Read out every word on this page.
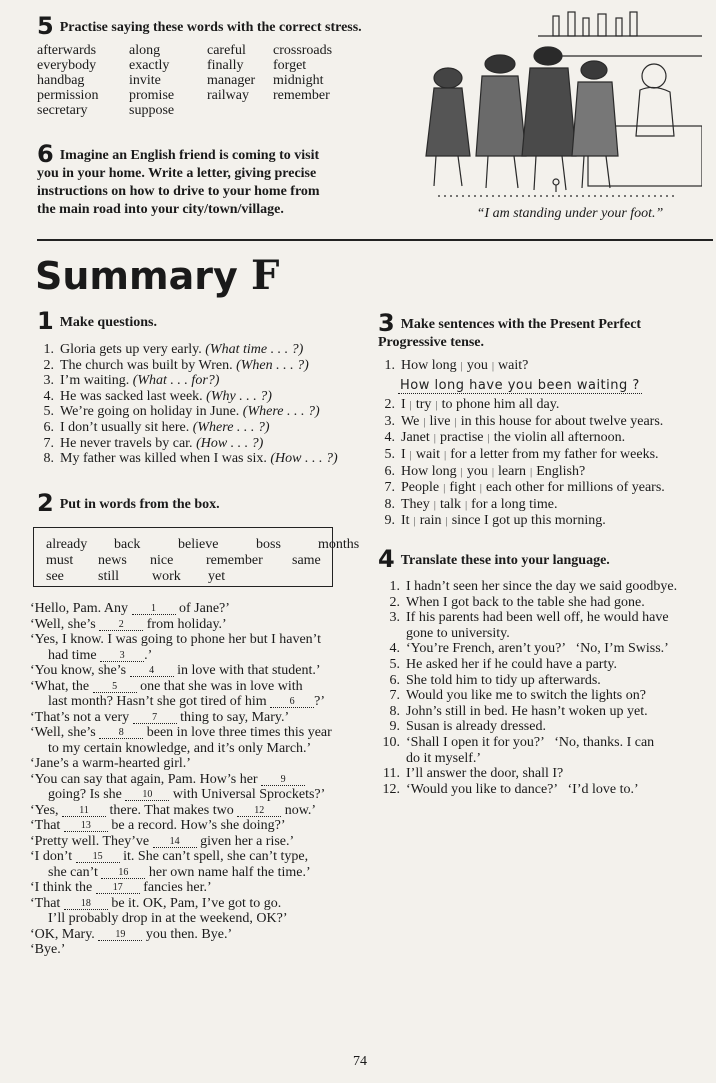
5 Practise saying these words with the correct stress.
afterwards along	careful crossroads
everybody exactly	finally forget
handbag	invite	manager midnight
permission promise railway remember
secretary	suppose
6 Imagine an English friend is coming to visit you in your home. Write a letter, giving precise instructions on how to drive to your home from the main road into your city/town/village.	“I am standing under your foot.”
Summary F
1 Make questions.
1. Gloria gets up very early. (What time . . . ?)
2. The church was built by Wren. (When . . . ?)
3. I’m waiting. (What . . . for?)
4. He was sacked last week. (Why . . . ?)
5. We’re going on holiday in June. (Where . . . ?)
6. I don’t usually sit here. (Where . . . ?)
7. He never travels by car. (How . . . ?)
8. My father was killed when I was six. (How . . . ?)
2 Put in words from the box.
already back	believe	boss	months
must news nice remember same
see still work yet
‘Hello, Pam. Any 1 of Jane?’
‘Well, she’s 2 from holiday.’
‘Yes, I know. I was going to phone her but I haven’t
had time 3 .’
‘You know, she’s 4 in love with that student.’
‘What, the 5 one that she was in love with
last month? Hasn’t she got tired of him 6 ?’
‘That’s not a very 7 thing to say, Mary.’
‘Well, she’s 8 been in love three times this year
to my certain knowledge, and it’s only March.’
‘Jane’s a warm-hearted girl.’
‘You can say that again, Pam. How’s her 9
going? Is she 10 with Universal Sprockets?’
‘Yes, 11 there. That makes two 12 now.’
‘That 13 be a record. How’s she doing?’
‘Pretty well. They’ve 14 given her a rise.’
‘I don’t 15 it. She can’t spell, she can’t type,
she can’t 16 her own name half the time.’
‘I think the 17 fancies her.’
‘That 18 be it. OK, Pam, I’ve got to go.
I’ll probably drop in at the weekend, OK?’
‘OK, Mary. 19 you then. Bye.’
‘Bye.’
3 Make sentences with the Present Perfect
Progressive tense.
1. How long | you | wait?
How long have you been waiting ?
2. I | try | to phone him all day.
3. We | live | in this house for about twelve years.
4. Janet | practise | the violin all afternoon.
5. I | wait | for a letter from my father for weeks.
6. How long | you | learn | English?
7. People | fight | each other for millions of years.
8. They | talk | for a long time.
9. It | rain | since I got up this morning.
4 Translate these into your language.
1. I hadn’t seen her since the day we said goodbye.
2. When I got back to the table she had gone.
3. If his parents had been well off, he would have
gone to university.
4. ‘You’re French, aren’t you?’   ‘No, I’m Swiss.’
5. He asked her if he could have a party.
6. She told him to tidy up afterwards.
7. Would you like me to switch the lights on?
8. John’s still in bed. He hasn’t woken up yet.
9. Susan is already dressed.
10. ‘Shall I open it for you?’   ‘No, thanks. I can
do it myself.’
11. I’ll answer the door, shall I?
12. ‘Would you like to dance?’   ‘I’d love to.’
74
